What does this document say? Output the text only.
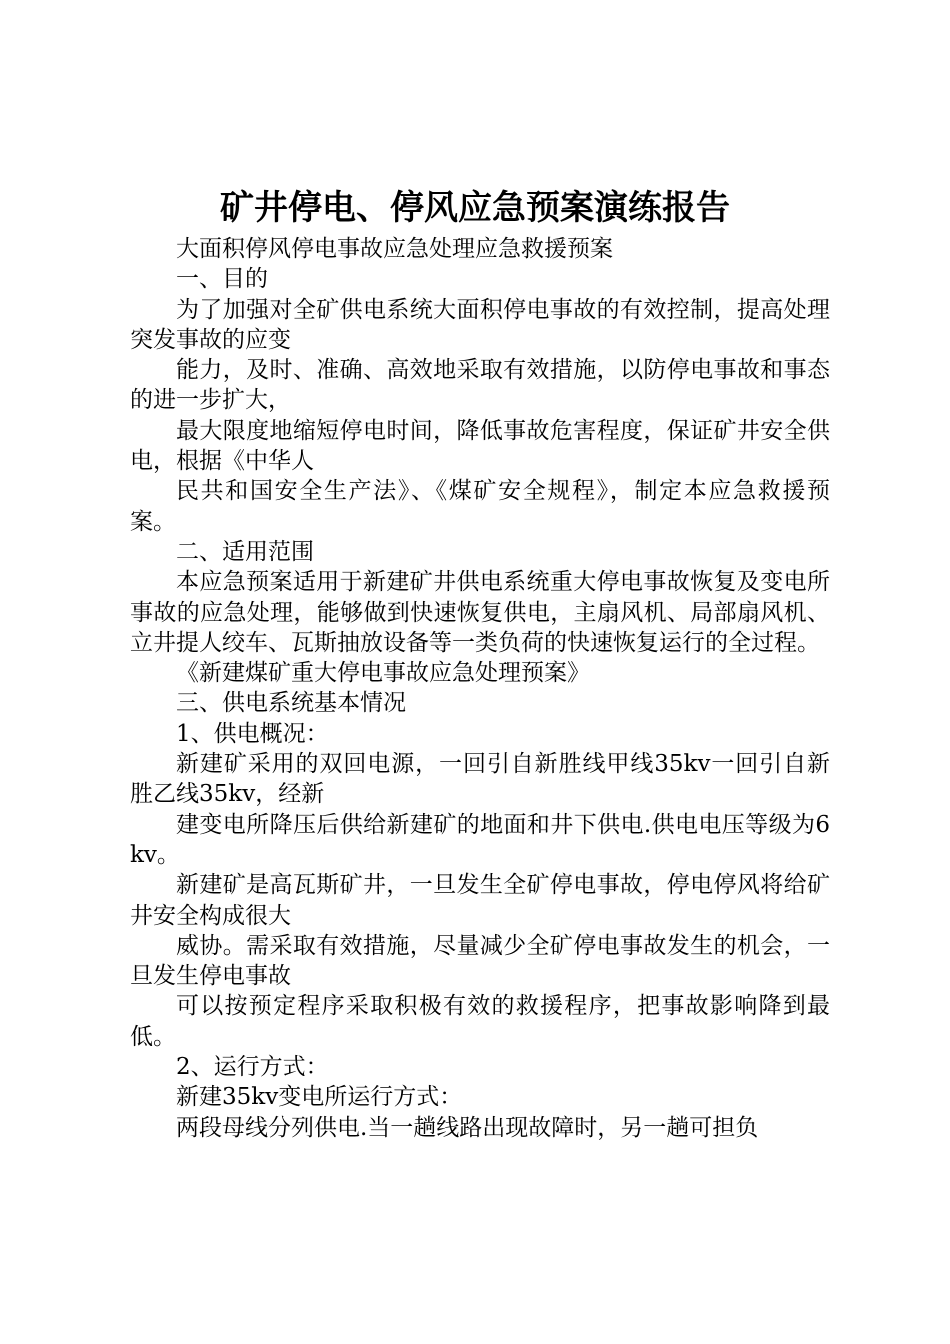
矿井停电、停风应急预案演练报告

大面积停风停电事故应急处理应急救援预案

一、目的

为了加强对全矿供电系统大面积停电事故的有效控制，提高处理突发事故的应变

能力，及时、准确、高效地采取有效措施，以防停电事故和事态的进一步扩大，

最大限度地缩短停电时间，降低事故危害程度，保证矿井安全供电，根据《中华人

民共和国安全生产法》、《煤矿安全规程》，制定本应急救援预案。

二、适用范围

本应急预案适用于新建矿井供电系统重大停电事故恢复及变电所事故的应急处理，能够做到快速恢复供电，主扇风机、局部扇风机、立井提人绞车、瓦斯抽放设备等一类负荷的快速恢复运行的全过程。

《新建煤矿重大停电事故应急处理预案》

三、供电系统基本情况

1、供电概况：

新建矿采用的双回电源，一回引自新胜线甲线35kv一回引自新胜乙线35kv，经新

建变电所降压后供给新建矿的地面和井下供电.供电电压等级为6kv。

新建矿是高瓦斯矿井，一旦发生全矿停电事故，停电停风将给矿井安全构成很大

威协。需采取有效措施，尽量减少全矿停电事故发生的机会，一旦发生停电事故

可以按预定程序采取积极有效的救援程序，把事故影响降到最低。

2、运行方式：

新建35kv变电所运行方式：

两段母线分列供电.当一趟线路出现故障时，另一趟可担负
